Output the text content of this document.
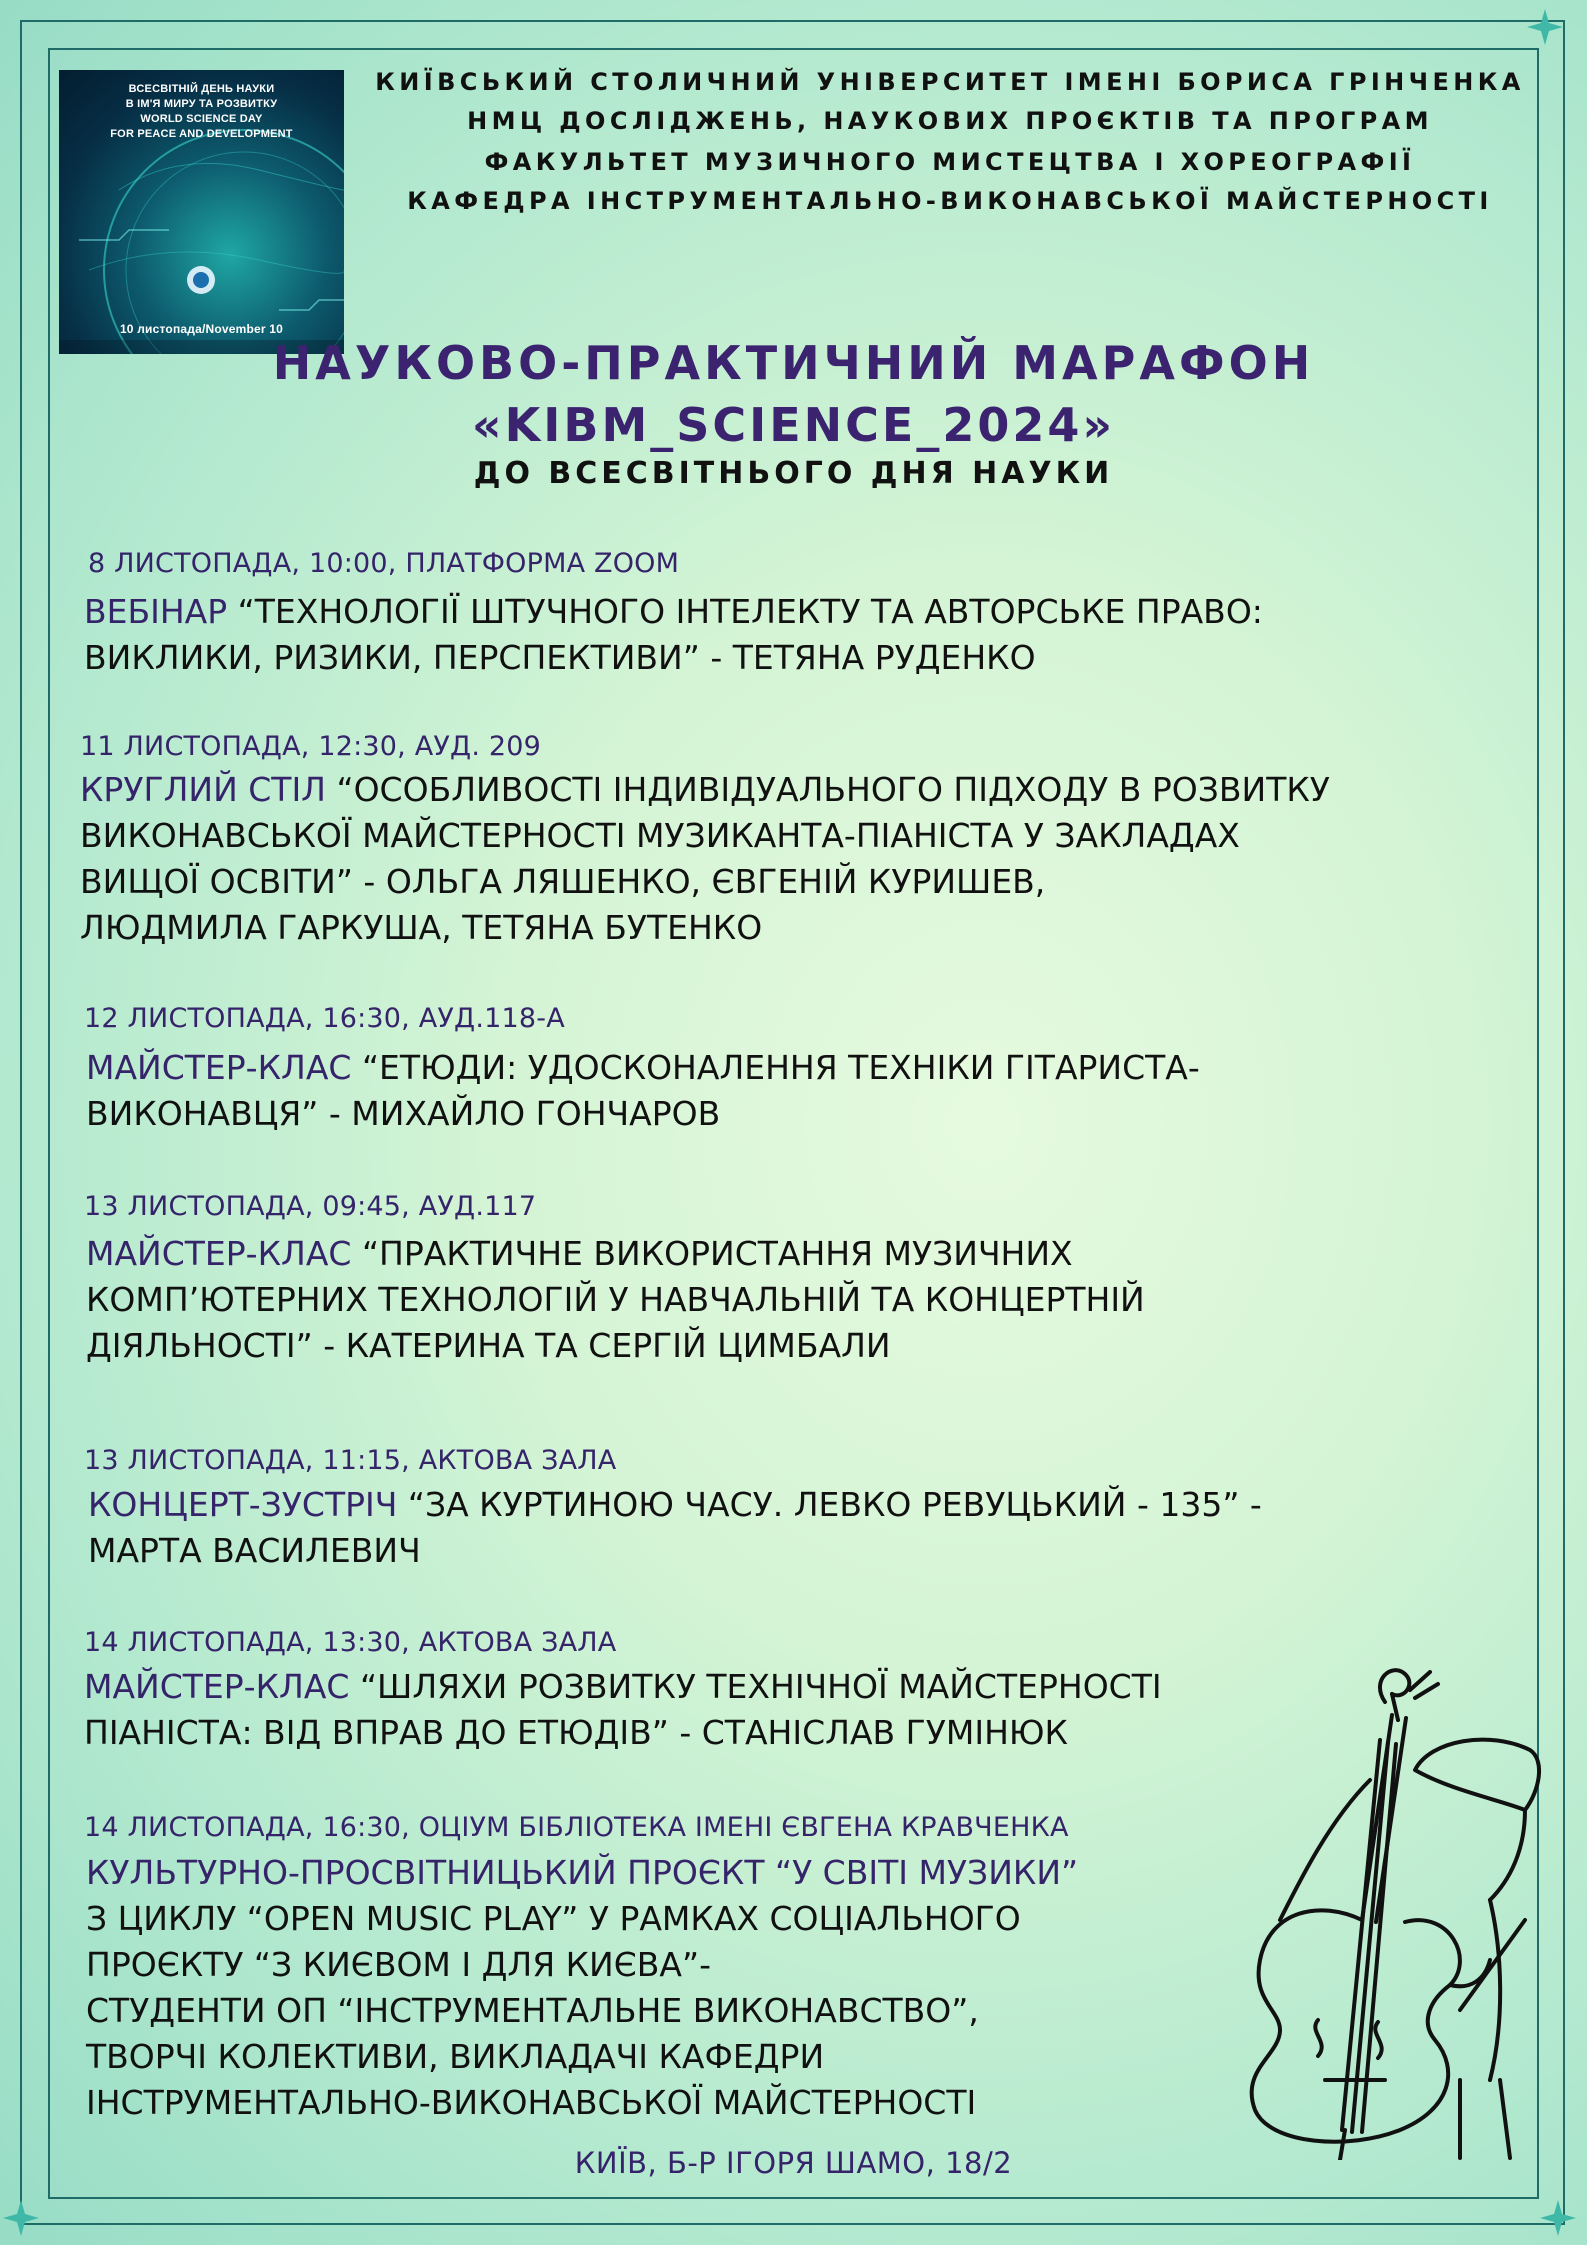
ВСЕСВІТНІЙ ДЕНЬ НАУКИ
В ІМ'Я МИРУ ТА РОЗВИТКУ
WORLD SCIENCE DAY
FOR PEACE AND DEVELOPMENT
10 листопада/November 10
КИЇВСЬКИЙ СТОЛИЧНИЙ УНІВЕРСИТЕТ ІМЕНІ БОРИСА ГРІНЧЕНКА
НМЦ ДОСЛІДЖЕНЬ, НАУКОВИХ ПРОЄКТІВ ТА ПРОГРАМ
ФАКУЛЬТЕТ МУЗИЧНОГО МИСТЕЦТВА І ХОРЕОГРАФІЇ
КАФЕДРА ІНСТРУМЕНТАЛЬНО-ВИКОНАВСЬКОЇ МАЙСТЕРНОСТІ
НАУКОВО-ПРАКТИЧНИЙ МАРАФОН
«KIBM_SCIENCE_2024»
ДО ВСЕСВІТНЬОГО ДНЯ НАУКИ
8 ЛИСТОПАДА, 10:00, ПЛАТФОРМА ZOOM
ВЕБІНАР “ТЕХНОЛОГІЇ ШТУЧНОГО ІНТЕЛЕКТУ ТА АВТОРСЬКЕ ПРАВО:
ВИКЛИКИ, РИЗИКИ, ПЕРСПЕКТИВИ” - ТЕТЯНА РУДЕНКО
11 ЛИСТОПАДА, 12:30, АУД. 209
КРУГЛИЙ СТІЛ “ОСОБЛИВОСТІ ІНДИВІДУАЛЬНОГО ПІДХОДУ В РОЗВИТКУ
ВИКОНАВСЬКОЇ МАЙСТЕРНОСТІ МУЗИКАНТА-ПІАНІСТА У ЗАКЛАДАХ
ВИЩОЇ ОСВІТИ” - ОЛЬГА ЛЯШЕНКО, ЄВГЕНІЙ КУРИШЕВ,
ЛЮДМИЛА ГАРКУША, ТЕТЯНА БУТЕНКО
12 ЛИСТОПАДА, 16:30, АУД.118-А
МАЙСТЕР-КЛАС “ЕТЮДИ: УДОСКОНАЛЕННЯ ТЕХНІКИ ГІТАРИСТА-
ВИКОНАВЦЯ” - МИХАЙЛО ГОНЧАРОВ
13 ЛИСТОПАДА, 09:45, АУД.117
МАЙСТЕР-КЛАС “ПРАКТИЧНЕ ВИКОРИСТАННЯ МУЗИЧНИХ
КОМП’ЮТЕРНИХ ТЕХНОЛОГІЙ У НАВЧАЛЬНІЙ ТА КОНЦЕРТНІЙ
ДІЯЛЬНОСТІ” - КАТЕРИНА ТА СЕРГІЙ ЦИМБАЛИ
13 ЛИСТОПАДА, 11:15, АКТОВА ЗАЛА
КОНЦЕРТ-ЗУСТРІЧ “ЗА КУРТИНОЮ ЧАСУ. ЛЕВКО РЕВУЦЬКИЙ - 135” -
МАРТА ВАСИЛЕВИЧ
14 ЛИСТОПАДА, 13:30, АКТОВА ЗАЛА
МАЙСТЕР-КЛАС “ШЛЯХИ РОЗВИТКУ ТЕХНІЧНОЇ МАЙСТЕРНОСТІ
ПІАНІСТА: ВІД ВПРАВ ДО ЕТЮДІВ” - СТАНІСЛАВ ГУМІНЮК
14 ЛИСТОПАДА, 16:30, ОЦІУМ БІБЛІОТЕКА ІМЕНІ ЄВГЕНА КРАВЧЕНКА
КУЛЬТУРНО-ПРОСВІТНИЦЬКИЙ ПРОЄКТ “У СВІТІ МУЗИКИ”
З ЦИКЛУ “OPEN MUSIC PLAY” У РАМКАХ СОЦІАЛЬНОГО
ПРОЄКТУ “З КИЄВОМ І ДЛЯ КИЄВА”-
СТУДЕНТИ ОП “ІНСТРУМЕНТАЛЬНЕ ВИКОНАВСТВО”,
ТВОРЧІ КОЛЕКТИВИ, ВИКЛАДАЧІ КАФЕДРИ
ІНСТРУМЕНТАЛЬНО-ВИКОНАВСЬКОЇ МАЙСТЕРНОСТІ
КИЇВ, Б-Р ІГОРЯ ШАМО, 18/2
